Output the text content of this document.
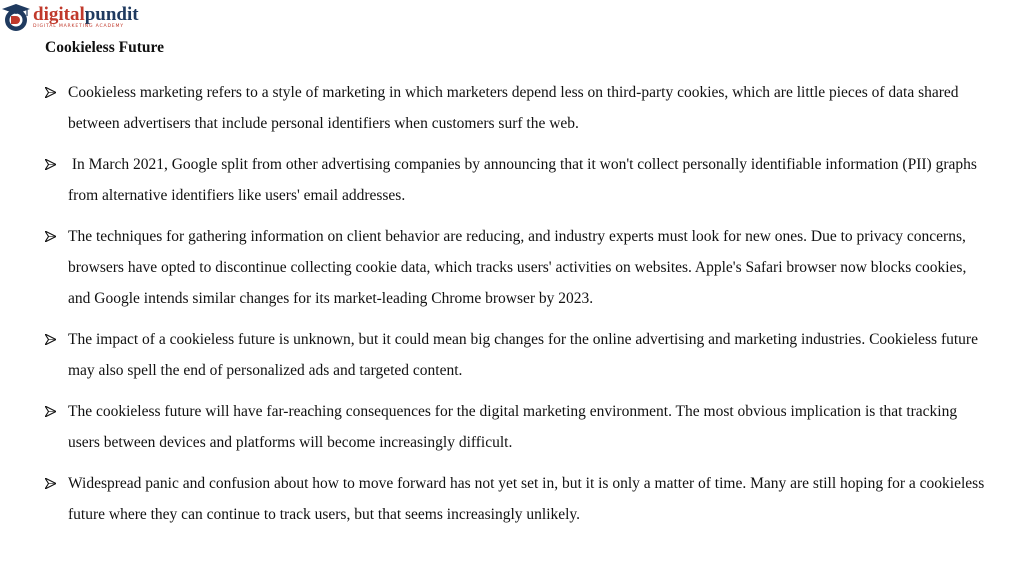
digitalpundit
DIGITAL MARKETING ACADEMY
Cookieless Future
Cookieless marketing refers to a style of marketing in which marketers depend less on third-party cookies, which are little pieces of data shared between advertisers that include personal identifiers when customers surf the web.
In March 2021, Google split from other advertising companies by announcing that it won't collect personally identifiable information (PII) graphs from alternative identifiers like users' email addresses.
The techniques for gathering information on client behavior are reducing, and industry experts must look for new ones. Due to privacy concerns, browsers have opted to discontinue collecting cookie data, which tracks users' activities on websites. Apple's Safari browser now blocks cookies, and Google intends similar changes for its market-leading Chrome browser by 2023.
The impact of a cookieless future is unknown, but it could mean big changes for the online advertising and marketing industries. Cookieless future may also spell the end of personalized ads and targeted content.
The cookieless future will have far-reaching consequences for the digital marketing environment. The most obvious implication is that tracking users between devices and platforms will become increasingly difficult.
Widespread panic and confusion about how to move forward has not yet set in, but it is only a matter of time. Many are still hoping for a cookieless future where they can continue to track users, but that seems increasingly unlikely.
